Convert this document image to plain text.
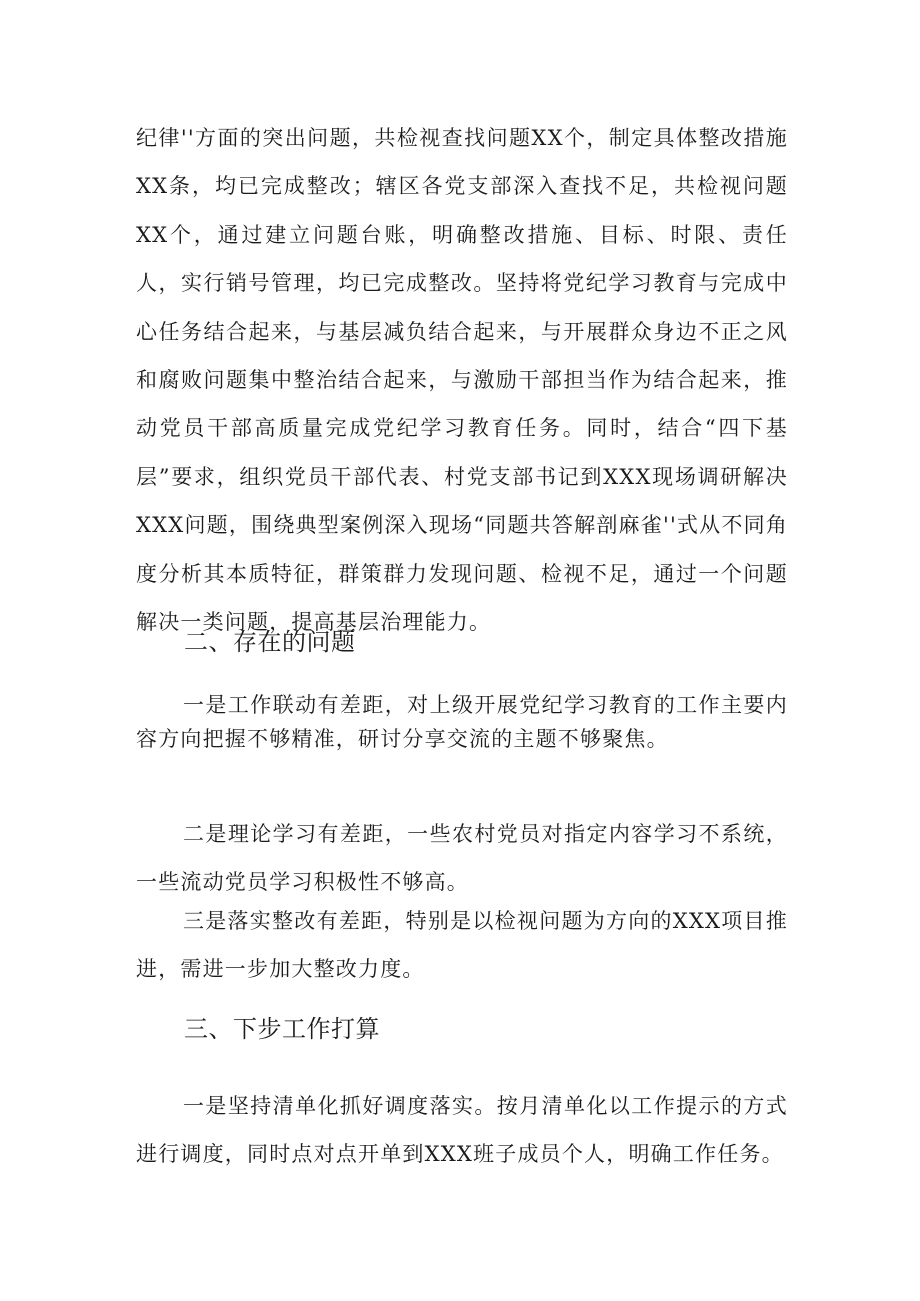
纪律''方面的突出问题，共检视查找问题XX个，制定具体整改措施XX条，均已完成整改；辖区各党支部深入查找不足，共检视问题XX个，通过建立问题台账，明确整改措施、目标、时限、责任人，实行销号管理，均已完成整改。坚持将党纪学习教育与完成中心任务结合起来，与基层减负结合起来，与开展群众身边不正之风和腐败问题集中整治结合起来，与激励干部担当作为结合起来，推动党员干部高质量完成党纪学习教育任务。同时，结合“四下基层”要求，组织党员干部代表、村党支部书记到XXX现场调研解决XXX问题，围绕典型案例深入现场“同题共答解剖麻雀''式从不同角度分析其本质特征，群策群力发现问题、检视不足，通过一个问题解决一类问题，提高基层治理能力。

二、存在的问题

一是工作联动有差距，对上级开展党纪学习教育的工作主要内容方向把握不够精准，研讨分享交流的主题不够聚焦。

二是理论学习有差距，一些农村党员对指定内容学习不系统，一些流动党员学习积极性不够高。

三是落实整改有差距，特别是以检视问题为方向的XXX项目推进，需进一步加大整改力度。

三、下步工作打算

一是坚持清单化抓好调度落实。按月清单化以工作提示的方式进行调度，同时点对点开单到XXX班子成员个人，明确工作任务。
